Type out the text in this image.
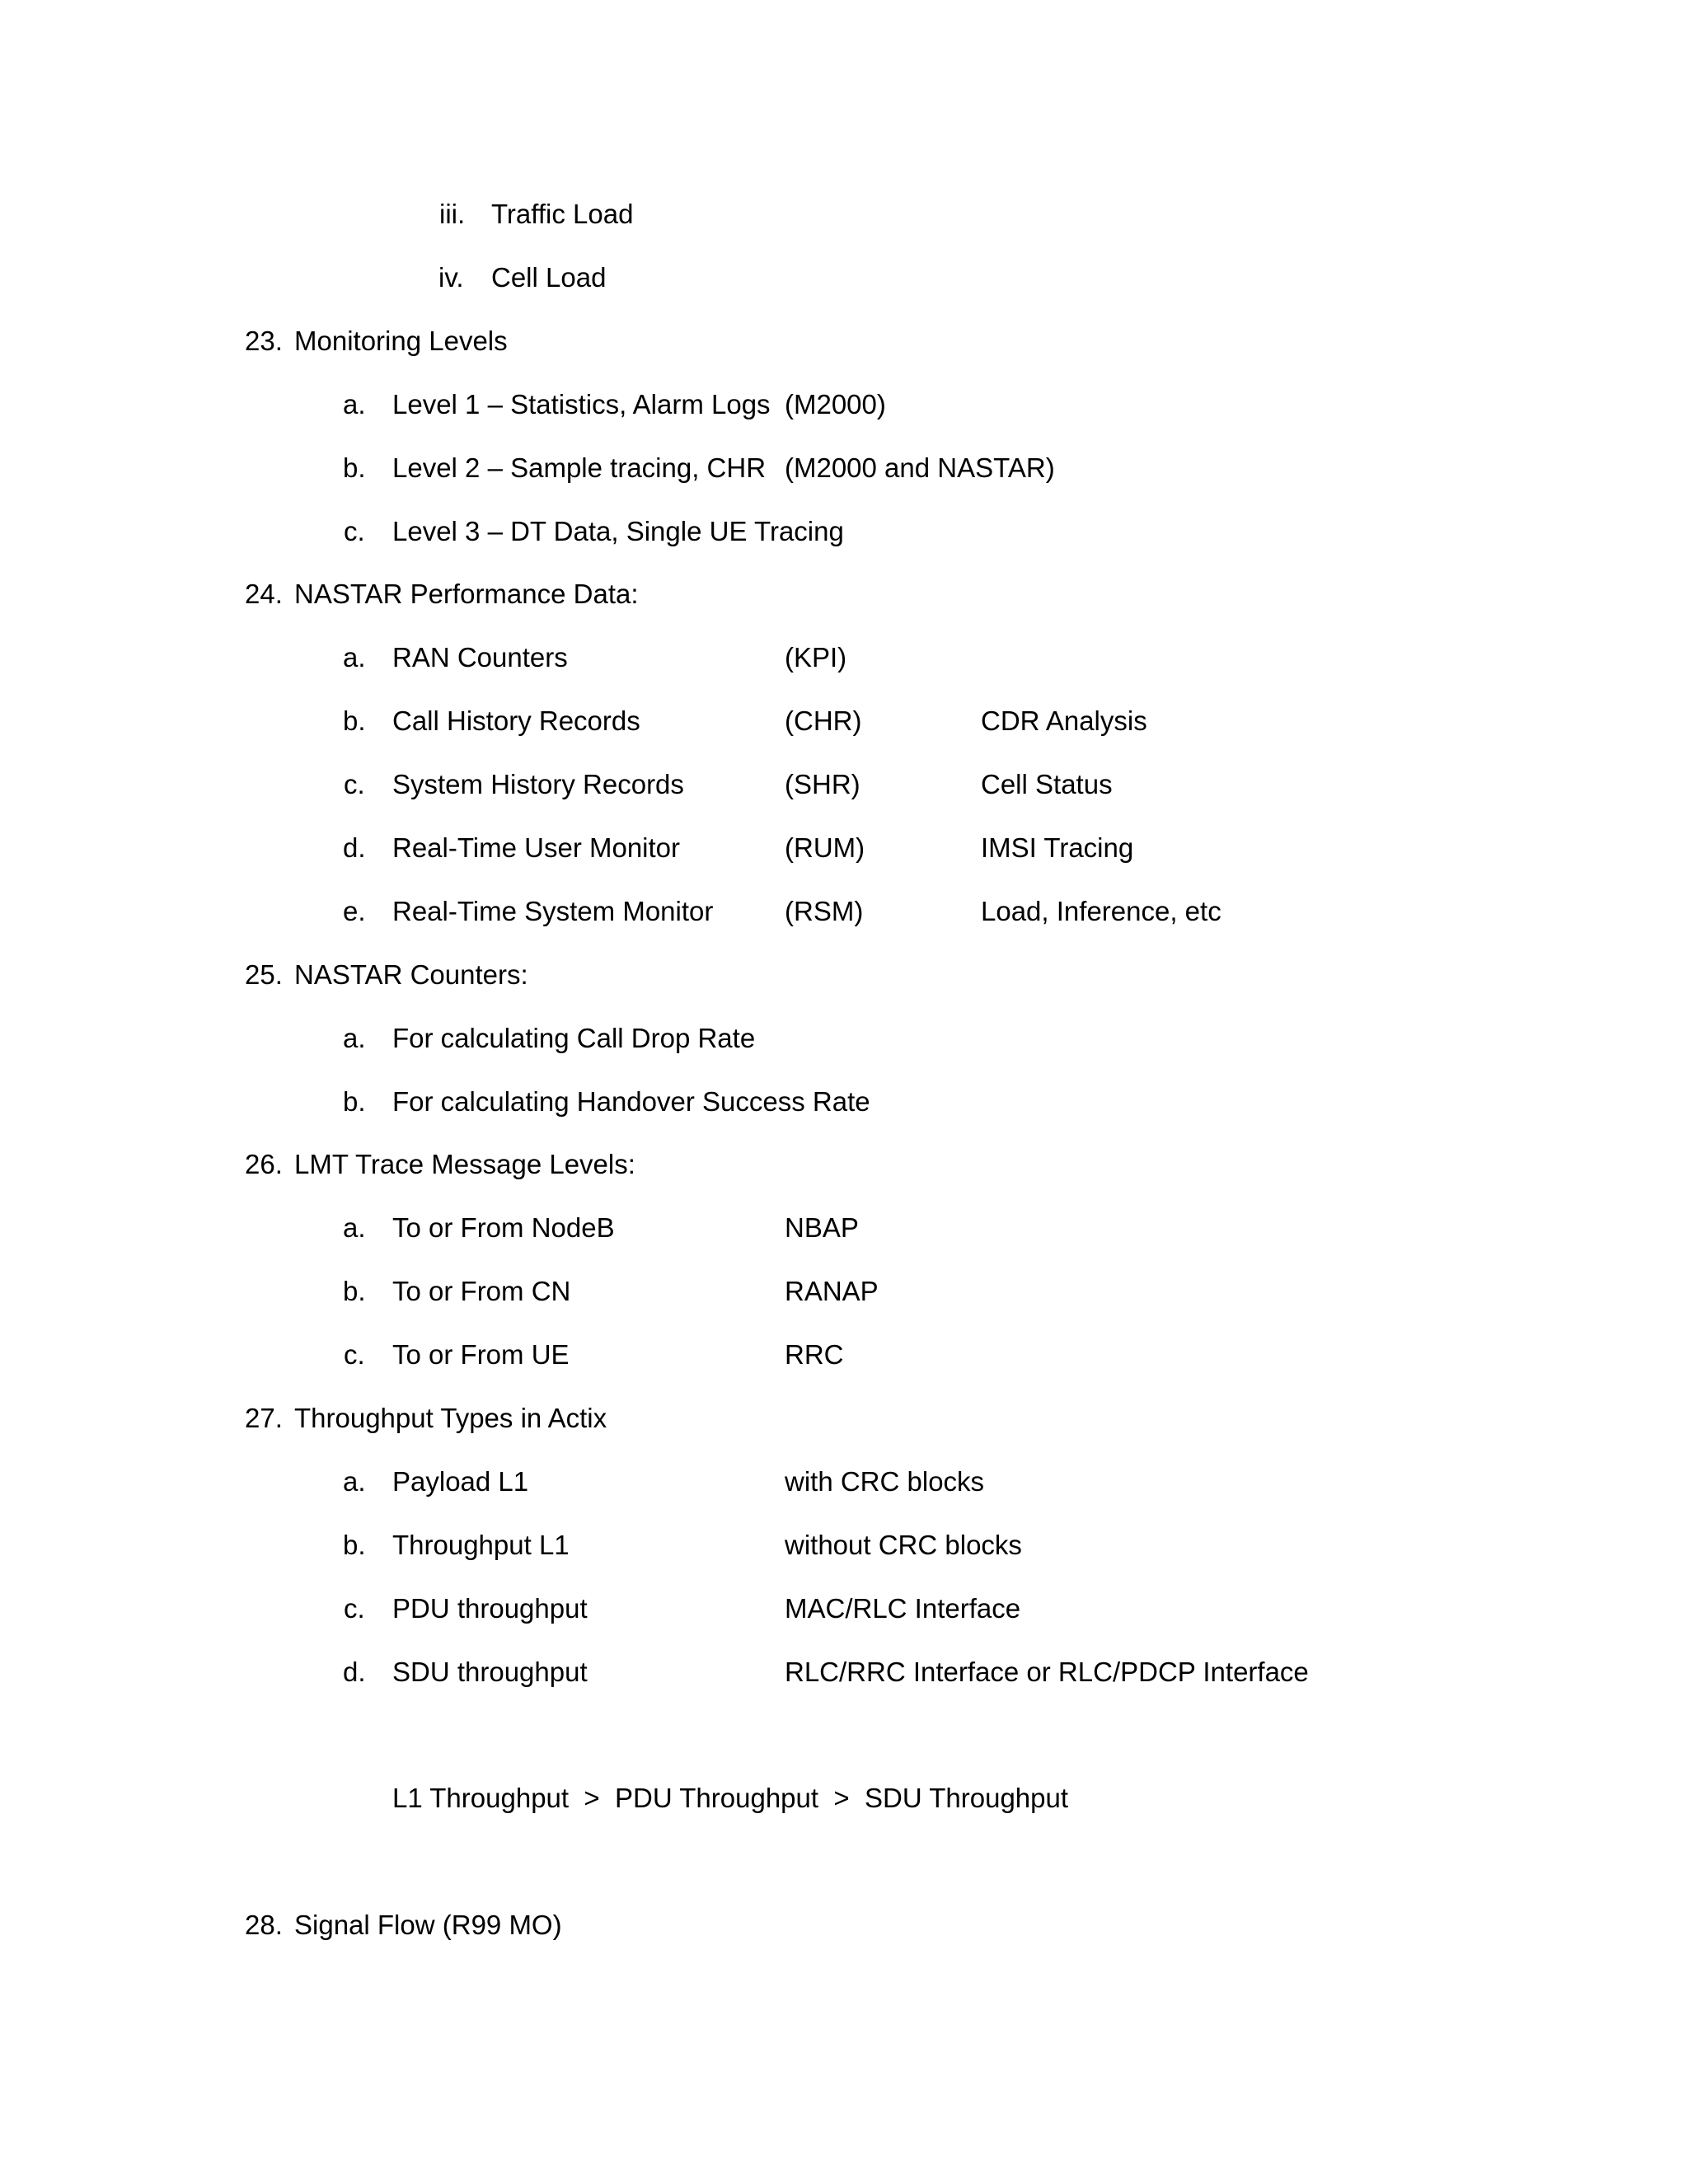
iii. Traffic Load
iv. Cell Load
23. Monitoring Levels
a. Level 1 – Statistics, Alarm Logs (M2000)
b. Level 2 – Sample tracing, CHR (M2000 and NASTAR)
c. Level 3 – DT Data, Single UE Tracing
24. NASTAR Performance Data:
a. RAN Counters	(KPI)
b. Call History Records	(CHR)	CDR Analysis
c. System History Records	(SHR)	Cell Status
d. Real-Time User Monitor	(RUM)	IMSI Tracing
e. Real-Time System Monitor	(RSM)	Load, Inference, etc
25. NASTAR Counters:
a. For calculating Call Drop Rate
b. For calculating Handover Success Rate
26. LMT Trace Message Levels:
a. To or From NodeB	NBAP
b. To or From CN	RANAP
c. To or From UE	RRC
27. Throughput Types in Actix
a. Payload L1	with CRC blocks
b. Throughput L1	without CRC blocks
c. PDU throughput	MAC/RLC Interface
d. SDU throughput	RLC/RRC Interface or RLC/PDCP Interface
L1 Throughput  >  PDU Throughput  >  SDU Throughput
28. Signal Flow (R99 MO)
